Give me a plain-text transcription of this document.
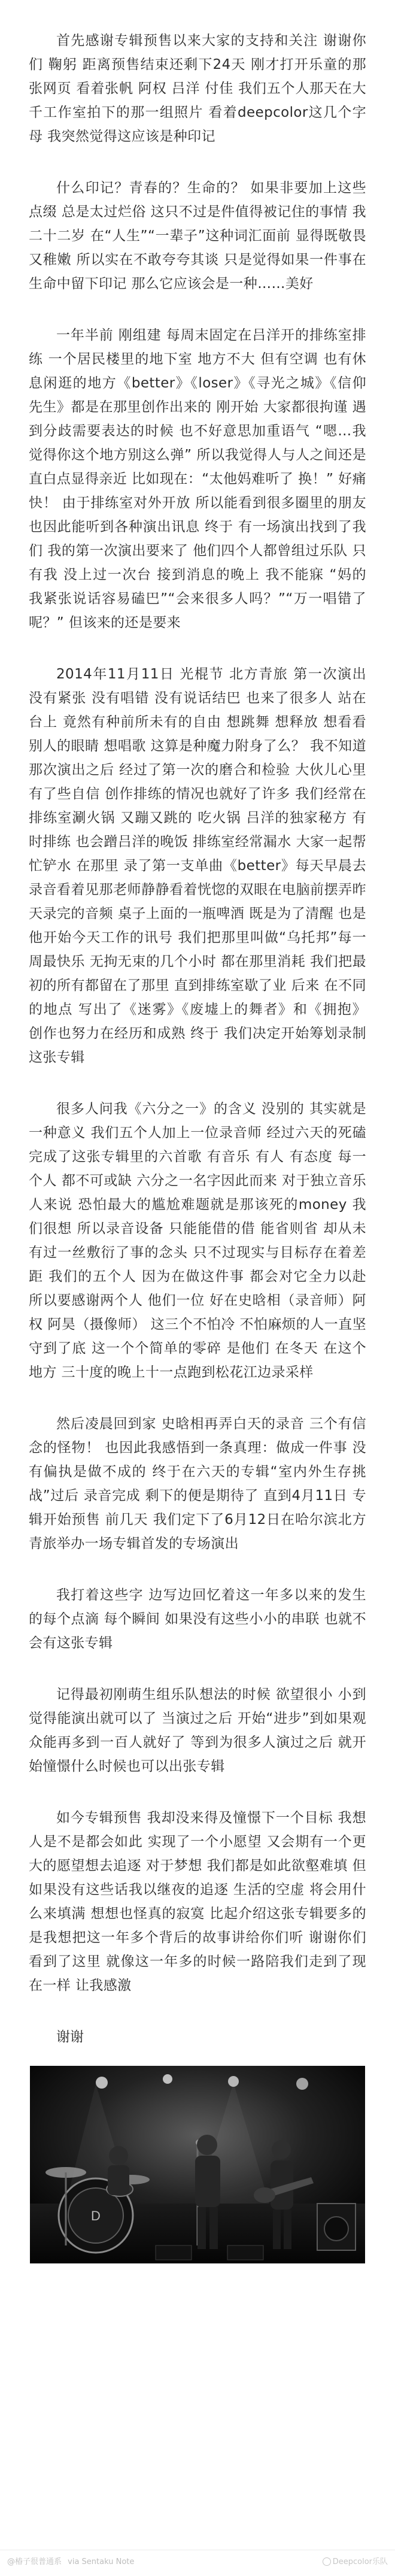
首先感谢专辑预售以来大家的支持和关注 谢谢你们 鞠躬 距离预售结束还剩下24天 刚才打开乐童的那张网页 看着张帆 阿权 吕洋 付佳 我们五个人那天在大千工作室拍下的那一组照片 看着deepcolor这几个字母 我突然觉得这应该是种印记

什么印记？青春的？生命的？ 如果非要加上这些点缀 总是太过烂俗 这只不过是件值得被记住的事情 我二十二岁 在“人生”“一辈子”这种词汇面前 显得既敬畏又稚嫩 所以实在不敢夸夸其谈 只是觉得如果一件事在生命中留下印记 那么它应该会是一种……美好

一年半前 刚组建 每周末固定在吕洋开的排练室排练 一个居民楼里的地下室 地方不大 但有空调 也有休息闲逛的地方《better》《loser》《寻光之城》《信仰先生》都是在那里创作出来的 刚开始 大家都很拘谨 遇到分歧需要表达的时候 也不好意思加重语气 “嗯…我觉得你这个地方别这么弹” 所以我觉得人与人之间还是直白点显得亲近 比如现在：“太他妈难听了 换！” 好痛快！ 由于排练室对外开放 所以能看到很多圈里的朋友 也因此能听到各种演出讯息 终于 有一场演出找到了我们 我的第一次演出要来了 他们四个人都曾组过乐队 只有我 没上过一次台 接到消息的晚上 我不能寐 “妈的 我紧张说话容易磕巴”“会来很多人吗？”“万一唱错了呢？” 但该来的还是要来

2014年11月11日 光棍节 北方青旅 第一次演出 没有紧张 没有唱错 没有说话结巴 也来了很多人 站在台上 竟然有种前所未有的自由 想跳舞 想释放 想看看别人的眼睛 想唱歌 这算是种魔力附身了么？ 我不知道 那次演出之后 经过了第一次的磨合和检验 大伙儿心里有了些自信 创作排练的情况也就好了许多 我们经常在排练室涮火锅 又蹦又跳的 吃火锅 吕洋的独家秘方 有时排练 也会蹭吕洋的晚饭 排练室经常漏水 大家一起帮忙铲水 在那里 录了第一支单曲《better》每天早晨去录音看着见那老师静静看着恍惚的双眼在电脑前摆弄昨天录完的音频 桌子上面的一瓶啤酒 既是为了清醒 也是他开始今天工作的讯号 我们把那里叫做“乌托邦”每一周最快乐 无拘无束的几个小时 都在那里消耗 我们把最初的所有都留在了那里 直到排练室歇了业 后来 在不同的地点 写出了《迷雾》《废墟上的舞者》和《拥抱》 创作也努力在经历和成熟 终于 我们决定开始筹划录制这张专辑

很多人问我《六分之一》的含义 没别的 其实就是一种意义 我们五个人加上一位录音师 经过六天的死磕 完成了这张专辑里的六首歌 有音乐 有人 有态度 每一个人 都不可或缺 六分之一名字因此而来 对于独立音乐人来说 恐怕最大的尴尬难题就是那该死的money 我们很想 所以录音设备 只能能借的借 能省则省 却从未有过一丝敷衍了事的念头 只不过现实与目标存在着差距 我们的五个人 因为在做这件事 都会对它全力以赴 所以要感谢两个人 他们一位 好在史晗相（录音师）阿权 阿昊（摄像师） 这三个不怕冷 不怕麻烦的人一直坚守到了底 这一个个简单的零碎 是他们 在冬天 在这个地方 三十度的晚上十一点跑到松花江边录采样

然后凌晨回到家 史晗相再弄白天的录音 三个有信念的怪物！ 也因此我感悟到一条真理：做成一件事 没有偏执是做不成的 终于在六天的专辑“室内外生存挑战”过后 录音完成 剩下的便是期待了 直到4月11日 专辑开始预售 前几天 我们定下了6月12日在哈尔滨北方青旅举办一场专辑首发的专场演出

我打着这些字 边写边回忆着这一年多以来的发生的每个点滴 每个瞬间 如果没有这些小小的串联 也就不会有这张专辑

记得最初刚萌生组乐队想法的时候 欲望很小 小到觉得能演出就可以了 当演过之后 开始“进步”到如果观众能再多到一百人就好了 等到为很多人演过之后 就开始憧憬什么时候也可以出张专辑

如今专辑预售 我却没来得及憧憬下一个目标 我想人是不是都会如此 实现了一个小愿望 又会期有一个更大的愿望想去追逐 对于梦想 我们都是如此欲壑难填 但如果没有这些话我以继夜的追逐 生活的空虚 将会用什么来填满 想想也怪真的寂寞 比起介绍这张专辑要多的 是我想把这一年多个背后的故事讲给你们听 谢谢你们看到了这里 就像这一年多的时候一路陪我们走到了现在一样 让我感激

谢谢

D
@椿子很普通系 via Sentaku Note	Deepcolor乐队
